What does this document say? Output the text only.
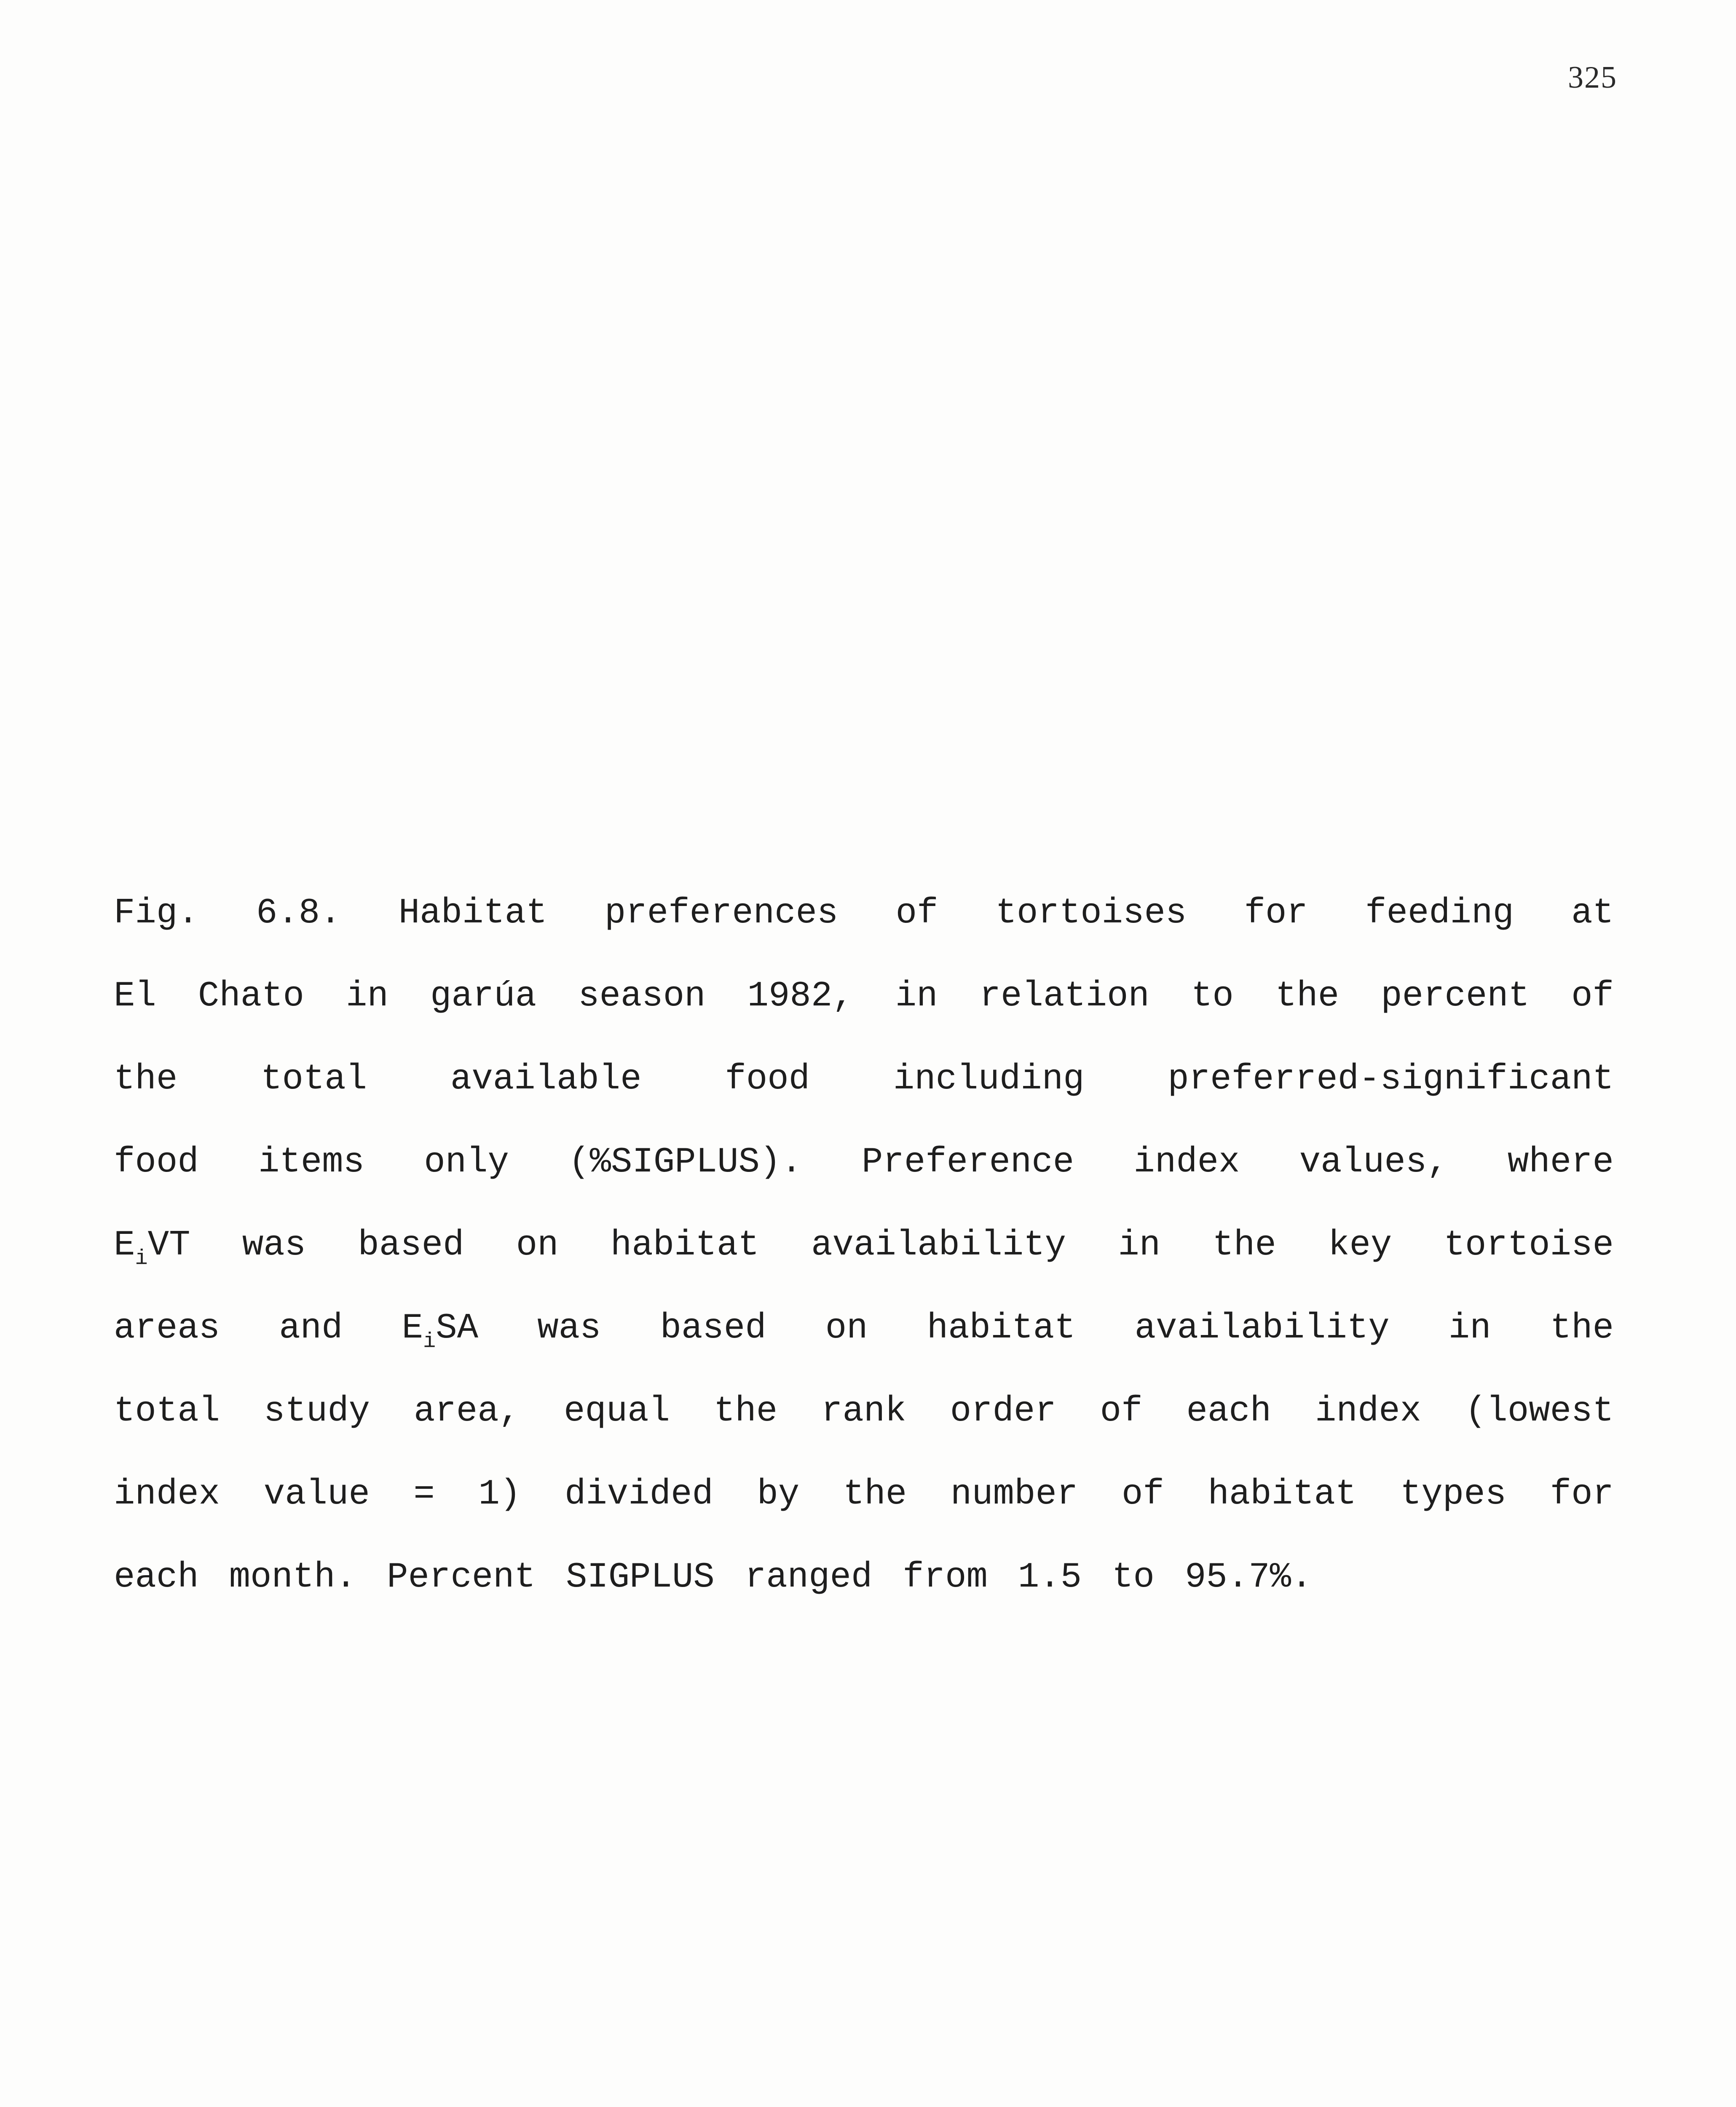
325
Fig. 6.8. Habitat preferences of tortoises for feeding at
El Chato in garúa season 1982, in relation to the percent of
the total available food including preferred-significant
food items only (%SIGPLUS). Preference index values, where
$E_iVT$ was based on habitat availability in the key tortoise
areas and $E_iSA$ was based on habitat availability in the
total study area, equal the rank order of each index (lowest
index value = 1) divided by the number of habitat types for
each month. Percent SIGPLUS ranged from 1.5 to 95.7%.
